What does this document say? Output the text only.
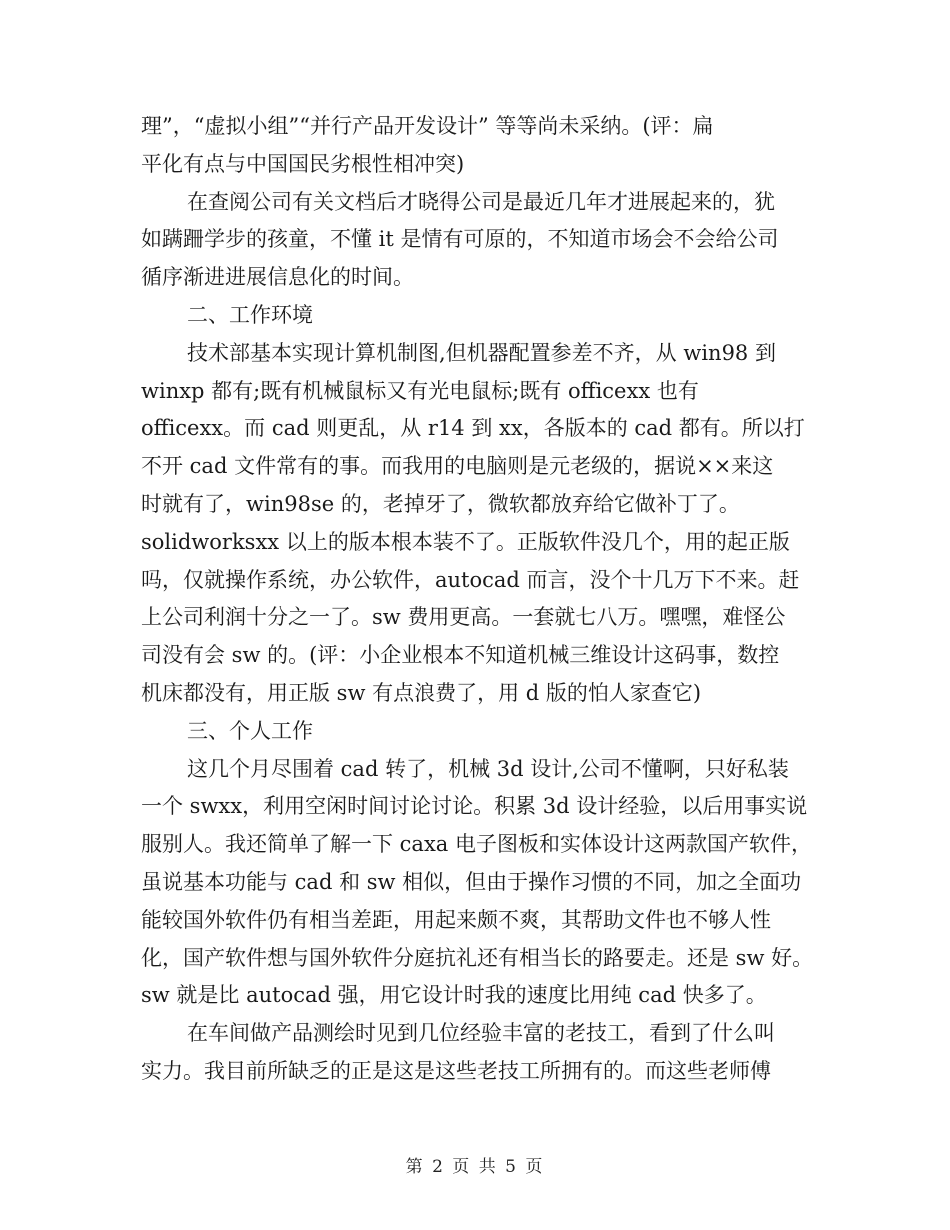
理”，“虚拟小组”“并行产品开发设计” 等等尚未采纳。(评：扁
平化有点与中国国民劣根性相冲突)
在查阅公司有关文档后才晓得公司是最近几年才进展起来的，犹
如蹒跚学步的孩童，不懂 it 是情有可原的，不知道市场会不会给公司
循序渐进进展信息化的时间。
二、工作环境
技术部基本实现计算机制图,但机器配置参差不齐，从 win98 到
winxp 都有;既有机械鼠标又有光电鼠标;既有 officexx 也有
officexx。而 cad 则更乱，从 r14 到 xx，各版本的 cad 都有。所以打
不开 cad 文件常有的事。而我用的电脑则是元老级的，据说××来这
时就有了，win98se 的，老掉牙了，微软都放弃给它做补丁了。
solidworksxx 以上的版本根本装不了。正版软件没几个，用的起正版
吗，仅就操作系统，办公软件，autocad 而言，没个十几万下不来。赶
上公司利润十分之一了。sw 费用更高。一套就七八万。嘿嘿，难怪公
司没有会 sw 的。(评：小企业根本不知道机械三维设计这码事，数控
机床都没有，用正版 sw 有点浪费了，用 d 版的怕人家查它)
三、个人工作
这几个月尽围着 cad 转了，机械 3d 设计,公司不懂啊，只好私装
一个 swxx，利用空闲时间讨论讨论。积累 3d 设计经验，以后用事实说
服别人。我还简单了解一下 caxa 电子图板和实体设计这两款国产软件，
虽说基本功能与 cad 和 sw 相似，但由于操作习惯的不同，加之全面功
能较国外软件仍有相当差距，用起来颇不爽，其帮助文件也不够人性
化，国产软件想与国外软件分庭抗礼还有相当长的路要走。还是 sw 好。
sw 就是比 autocad 强，用它设计时我的速度比用纯 cad 快多了。
在车间做产品测绘时见到几位经验丰富的老技工，看到了什么叫
实力。我目前所缺乏的正是这是这些老技工所拥有的。而这些老师傅
第 2 页 共 5 页
